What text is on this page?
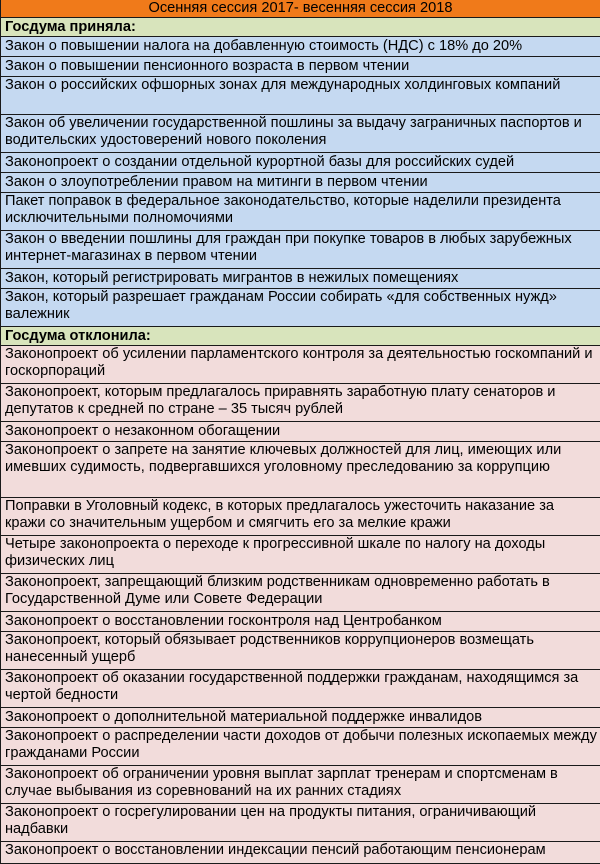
Осенняя сессия 2017- весенняя сессия 2018
Госдума приняла:
Закон о повышении налога на добавленную стоимость (НДС) с 18% до 20%
Закон о повышении пенсионного возраста в первом чтении
Закон о российских офшорных зонах для международных холдинговых компаний
Закон об увеличении государственной пошлины за выдачу заграничных паспортов и водительских удостоверений нового поколения
Законопроект о создании отдельной курортной базы для российских судей
Закон о злоупотреблении правом на митинги в первом чтении
Пакет поправок в федеральное законодательство, которые наделили президента исключительными полномочиями
Закон о введении пошлины для граждан при покупке товаров в любых зарубежных интернет-магазинах в первом чтении
Закон, который регистрировать мигрантов в нежилых помещениях
Закон, который разрешает гражданам России собирать «для собственных нужд» валежник
Госдума отклонила:
Законопроект об усилении парламентского контроля за деятельностью госкомпаний и госкорпораций
Законопроект, которым предлагалось приравнять заработную плату сенаторов и депутатов к средней по стране – 35 тысяч рублей
Законопроект о незаконном обогащении
Законопроект о запрете на занятие ключевых должностей для лиц, имеющих или имевших судимость, подвергавшихся уголовному преследованию за коррупцию
Поправки в Уголовный кодекс, в которых предлагалось ужесточить наказание за кражи со значительным ущербом и смягчить его за мелкие кражи
Четыре законопроекта о переходе к прогрессивной шкале по налогу на доходы физических лиц
Законопроект, запрещающий близким родственникам одновременно работать в Государственной Думе или Совете Федерации
Законопроект о восстановлении госконтроля над Центробанком
Законопроект, который обязывает родственников коррупционеров возмещать нанесенный ущерб
Законопроект об оказании государственной поддержки гражданам, находящимся за чертой бедности
Законопроект о дополнительной материальной поддержке инвалидов
Законопроект о распределении части доходов от добычи полезных ископаемых между гражданами России
Законопроект об ограничении уровня выплат зарплат тренерам и спортсменам в случае выбывания из соревнований на их ранних стадиях
Законопроект о госрегулировании цен на продукты питания, ограничивающий надбавки
Законопроект о восстановлении индексации пенсий работающим пенсионерам
